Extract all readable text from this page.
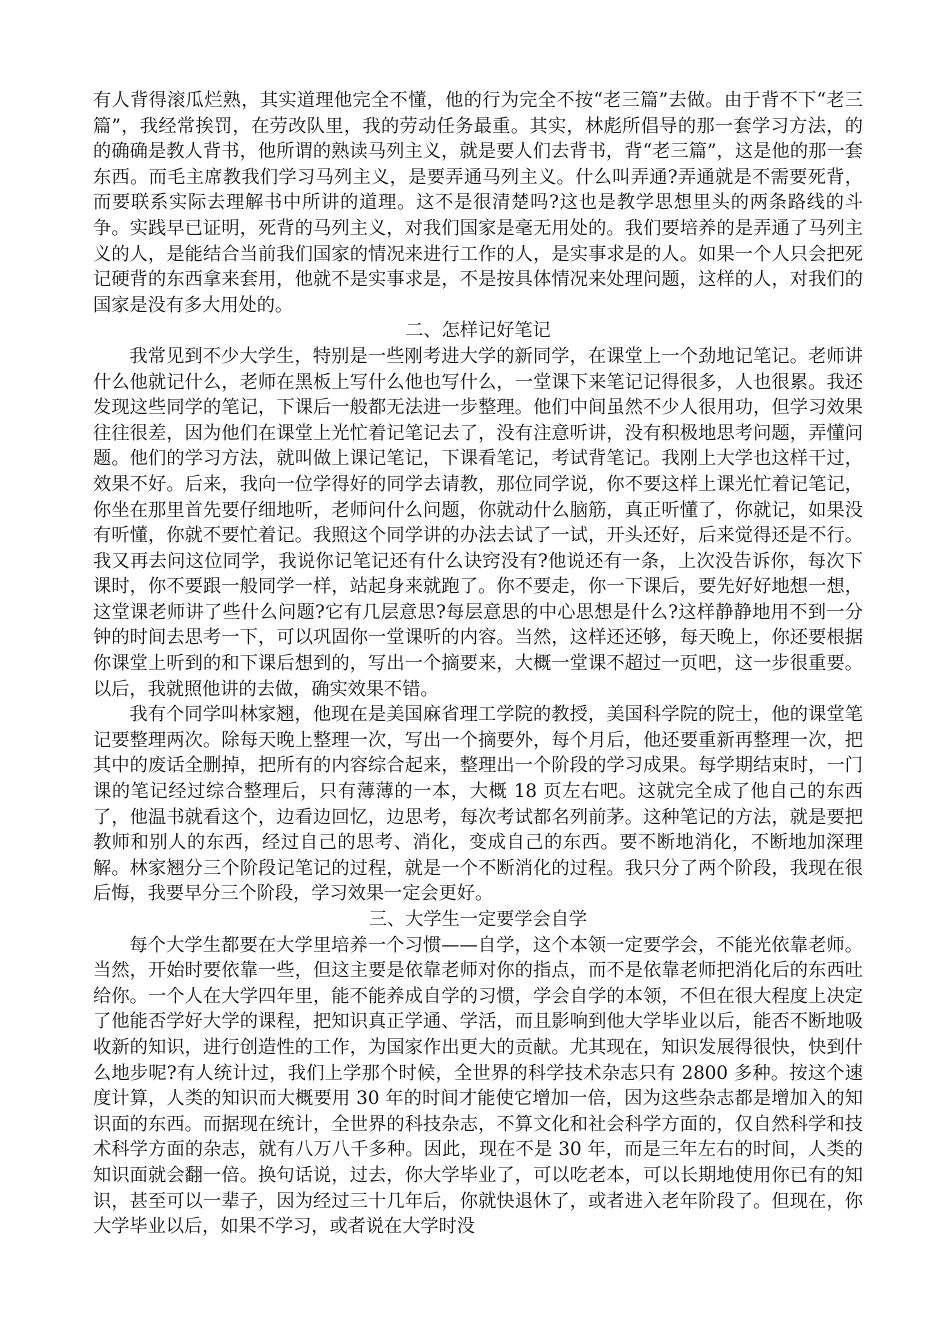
有人背得滚瓜烂熟，其实道理他完全不懂，他的行为完全不按“老三篇”去做。由于背不下“老三篇”，我经常挨罚，在劳改队里，我的劳动任务最重。其实，林彪所倡导的那一套学习方法，的的确确是教人背书，他所谓的熟读马列主义，就是要人们去背书，背“老三篇”，这是他的那一套东西。而毛主席教我们学习马列主义，是要弄通马列主义。什么叫弄通?弄通就是不需要死背，而要联系实际去理解书中所讲的道理。这不是很清楚吗?这也是教学思想里头的两条路线的斗争。实践早已证明，死背的马列主义，对我们国家是毫无用处的。我们要培养的是弄通了马列主义的人，是能结合当前我们国家的情况来进行工作的人，是实事求是的人。如果一个人只会把死记硬背的东西拿来套用，他就不是实事求是，不是按具体情况来处理问题，这样的人，对我们的国家是没有多大用处的。

二、怎样记好笔记

我常见到不少大学生，特别是一些刚考进大学的新同学，在课堂上一个劲地记笔记。老师讲什么他就记什么，老师在黑板上写什么他也写什么，一堂课下来笔记记得很多，人也很累。我还发现这些同学的笔记，下课后一般都无法进一步整理。他们中间虽然不少人很用功，但学习效果往往很差，因为他们在课堂上光忙着记笔记去了，没有注意听讲，没有积极地思考问题，弄懂问题。他们的学习方法，就叫做上课记笔记，下课看笔记，考试背笔记。我刚上大学也这样干过，效果不好。后来，我向一位学得好的同学去请教，那位同学说，你不要这样上课光忙着记笔记，你坐在那里首先要仔细地听，老师问什么问题，你就动什么脑筋，真正听懂了，你就记，如果没有听懂，你就不要忙着记。我照这个同学讲的办法去试了一试，开头还好，后来觉得还是不行。我又再去问这位同学，我说你记笔记还有什么诀窍没有?他说还有一条，上次没告诉你，每次下课时，你不要跟一般同学一样，站起身来就跑了。你不要走，你一下课后，要先好好地想一想，这堂课老师讲了些什么问题?它有几层意思?每层意思的中心思想是什么?这样静静地用不到一分钟的时间去思考一下，可以巩固你一堂课听的内容。当然，这样还还够，每天晚上，你还要根据你课堂上听到的和下课后想到的，写出一个摘要来，大概一堂课不超过一页吧，这一步很重要。以后，我就照他讲的去做，确实效果不错。

我有个同学叫林家翘，他现在是美国麻省理工学院的教授，美国科学院的院士，他的课堂笔记要整理两次。除每天晚上整理一次，写出一个摘要外，每个月后，他还要重新再整理一次，把其中的废话全删掉，把所有的内容综合起来，整理出一个阶段的学习成果。每学期结束时，一门课的笔记经过综合整理后，只有薄薄的一本，大概 18 页左右吧。这就完全成了他自己的东西了，他温书就看这个，边看边回忆，边思考，每次考试都名列前茅。这种笔记的方法，就是要把教师和别人的东西，经过自己的思考、消化，变成自己的东西。要不断地消化，不断地加深理解。林家翘分三个阶段记笔记的过程，就是一个不断消化的过程。我只分了两个阶段，我现在很后悔，我要早分三个阶段，学习效果一定会更好。

三、大学生一定要学会自学

每个大学生都要在大学里培养一个习惯——自学，这个本领一定要学会，不能光依靠老师。当然，开始时要依靠一些，但这主要是依靠老师对你的指点，而不是依靠老师把消化后的东西吐给你。一个人在大学四年里，能不能养成自学的习惯，学会自学的本领，不但在很大程度上决定了他能否学好大学的课程，把知识真正学通、学活，而且影响到他大学毕业以后，能否不断地吸收新的知识，进行创造性的工作，为国家作出更大的贡献。尤其现在，知识发展得很快，快到什么地步呢?有人统计过，我们上学那个时候，全世界的科学技术杂志只有 2800 多种。按这个速度计算，人类的知识而大概要用 30 年的时间才能使它增加一倍，因为这些杂志都是增加入的知识面的东西。而据现在统计，全世界的科技杂志，不算文化和社会科学方面的，仅自然科学和技术科学方面的杂志，就有八万八千多种。因此，现在不是 30 年，而是三年左右的时间，人类的知识面就会翻一倍。换句话说，过去，你大学毕业了，可以吃老本，可以长期地使用你已有的知识，甚至可以一辈子，因为经过三十几年后，你就快退休了，或者进入老年阶段了。但现在，你大学毕业以后，如果不学习，或者说在大学时没
